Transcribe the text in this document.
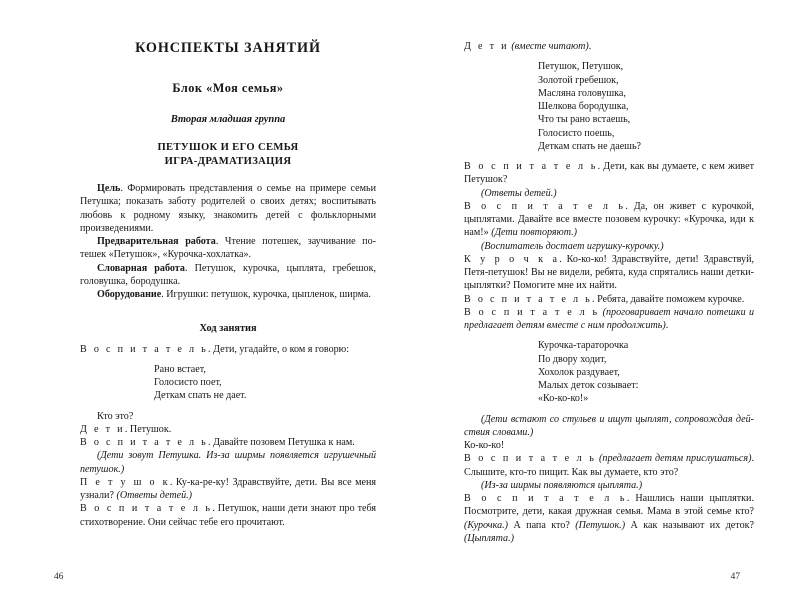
КОНСПЕКТЫ ЗАНЯТИЙ
Блок «Моя семья»
Вторая младшая группа
ПЕТУШОК И ЕГО СЕМЬЯ
ИГРА-ДРАМАТИЗАЦИЯ

Цель. Формировать представления о семье на примере семьи Петушка; показать заботу родителей о своих детях; воспитывать любовь к родному языку, знакомить детей с фольклорными произведениями.

Предварительная работа. Чтение потешек, заучивание потешек «Петушок», «Курочка-хохлатка».

Словарная работа. Петушок, курочка, цыплята, гребешок, головушка, бородушка.

Оборудование. Игрушки: петушок, курочка, цыпленок, ширма.

Ход занятия

В о с п и т а т е л ь. Дети, угадайте, о ком я говорю:

Рано встает,
Голосисто поет,
Деткам спать не дает.

Кто это?

Д е т и. Петушок.

В о с п и т а т е л ь. Давайте позовем Петушка к нам.

(Дети зовут Петушка. Из-за ширмы появляется игрушечный петушок.)

П е т у ш о к. Ку-ка-ре-ку! Здравствуйте, дети. Вы все меня узнали? (Ответы детей.)

В о с п и т а т е л ь. Петушок, наши дети знают про тебя стихотворение. Они сейчас тебе его прочитают.

46

Д е т и (вместе читают).

Петушок, Петушок,
Золотой гребешок,
Масляна головушка,
Шелкова бородушка,
Что ты рано встаешь,
Голосисто поешь,
Деткам спать не даешь?

В о с п и т а т е л ь. Дети, как вы думаете, с кем живет Петушок?

(Ответы детей.)

В о с п и т а т е л ь. Да, он живет с курочкой, цыплятами. Давайте все вместе позовем курочку: «Курочка, иди к нам!» (Дети повторяют.)

(Воспитатель достает игрушку-курочку.)

К у р о ч к а. Ко-ко-ко! Здравствуйте, дети! Здравствуй, Петя-петушок! Вы не видели, ребята, куда спрятались наши детки-цыплятки? Помогите мне их найти.

В о с п и т а т е л ь. Ребята, давайте поможем курочке.

В о с п и т а т е л ь (проговаривает начало потешки и предлагает детям вместе с ним продолжить).

Курочка-тараторочка
По двору ходит,
Хохолок раздувает,
Малых деток созывает:
«Ко-ко-ко!»

(Дети встают со стульев и ищут цыплят, сопровождая действия словами.)

Ко-ко-ко!

В о с п и т а т е л ь (предлагает детям прислушаться). Слышите, кто-то пищит. Как вы думаете, кто это?

(Из-за ширмы появляются цыплята.)

В о с п и т а т е л ь. Нашлись наши цыплятки. Посмотрите, дети, какая дружная семья. Мама в этой семье кто? (Курочка.) А папа кто? (Петушок.) А как называют их деток? (Цыплята.)

47
